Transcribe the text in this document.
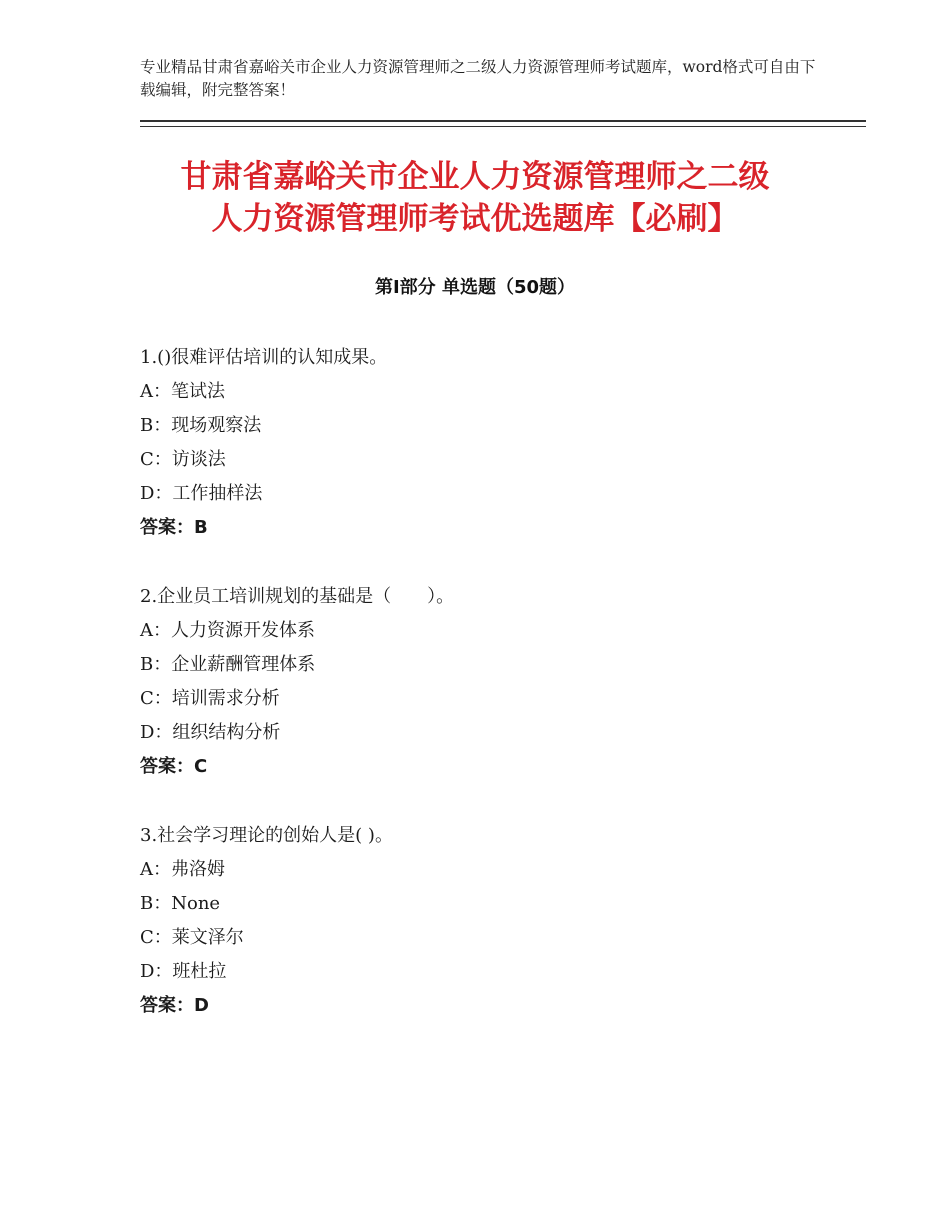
专业精品甘肃省嘉峪关市企业人力资源管理师之二级人力资源管理师考试题库，word格式可自由下载编辑，附完整答案！
甘肃省嘉峪关市企业人力资源管理师之二级
人力资源管理师考试优选题库【必刷】
第Ⅰ部分 单选题（50题）
1.()很难评估培训的认知成果。
A：笔试法
B：现场观察法
C：访谈法
D：工作抽样法
答案：B
2.企业员工培训规划的基础是（　　）。
A：人力资源开发体系
B：企业薪酬管理体系
C：培训需求分析
D：组织结构分析
答案：C
3.社会学习理论的创始人是( )。
A：弗洛姆
B：None
C：莱文泽尔
D：班杜拉
答案：D
